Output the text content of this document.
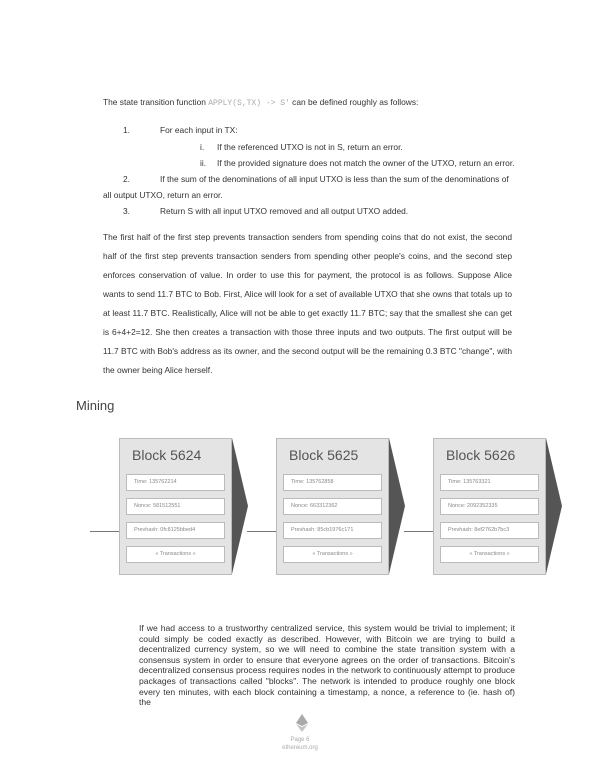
The state transition function APPLY(S,TX) -> S' can be defined roughly as follows:
1.	For each input in TX:
i. If the referenced UTXO is not in S, return an error.
ii. If the provided signature does not match the owner of the UTXO, return an error.
2.	If the sum of the denominations of all input UTXO is less than the sum of the denominations of
all output UTXO, return an error.
3.	Return S with all input UTXO removed and all output UTXO added.
The first half of the first step prevents transaction senders from spending coins that do not exist, the second half of the first step prevents transaction senders from spending other people's coins, and the second step enforces conservation of value. In order to use this for payment, the protocol is as follows. Suppose Alice wants to send 11.7 BTC to Bob. First, Alice will look for a set of available UTXO that she owns that totals up to at least 11.7 BTC. Realistically, Alice will not be able to get exactly 11.7 BTC; say that the smallest she can get is 6+4+2=12. She then creates a transaction with those three inputs and two outputs. The first output will be 11.7 BTC with Bob's address as its owner, and the second output will be the remaining 0.3 BTC "change", with the owner being Alice herself.
Mining
Block 5624
Time: 135762214
Nonce: 581512551
Prevhash: 0fc8125bbed4
« Transactions »
Block 5625
Time: 135762858
Nonce: 663312362
Prevhash: 85cb1976c171
« Transactions »
Block 5626
Time: 135763321
Nonce: 2092352335
Prevhash: 8ef2762b7bc3
« Transactions »
If we had access to a trustworthy centralized service, this system would be trivial to implement; it could simply be coded exactly as described. However, with Bitcoin we are trying to build a decentralized currency system, so we will need to combine the state transition system with a consensus system in order to ensure that everyone agrees on the order of transactions. Bitcoin's decentralized consensus process requires nodes in the network to continuously attempt to produce packages of transactions called "blocks". The network is intended to produce roughly one block every ten minutes, with each block containing a timestamp, a nonce, a reference to (ie. hash of) the
Page 6
ethereum.org
